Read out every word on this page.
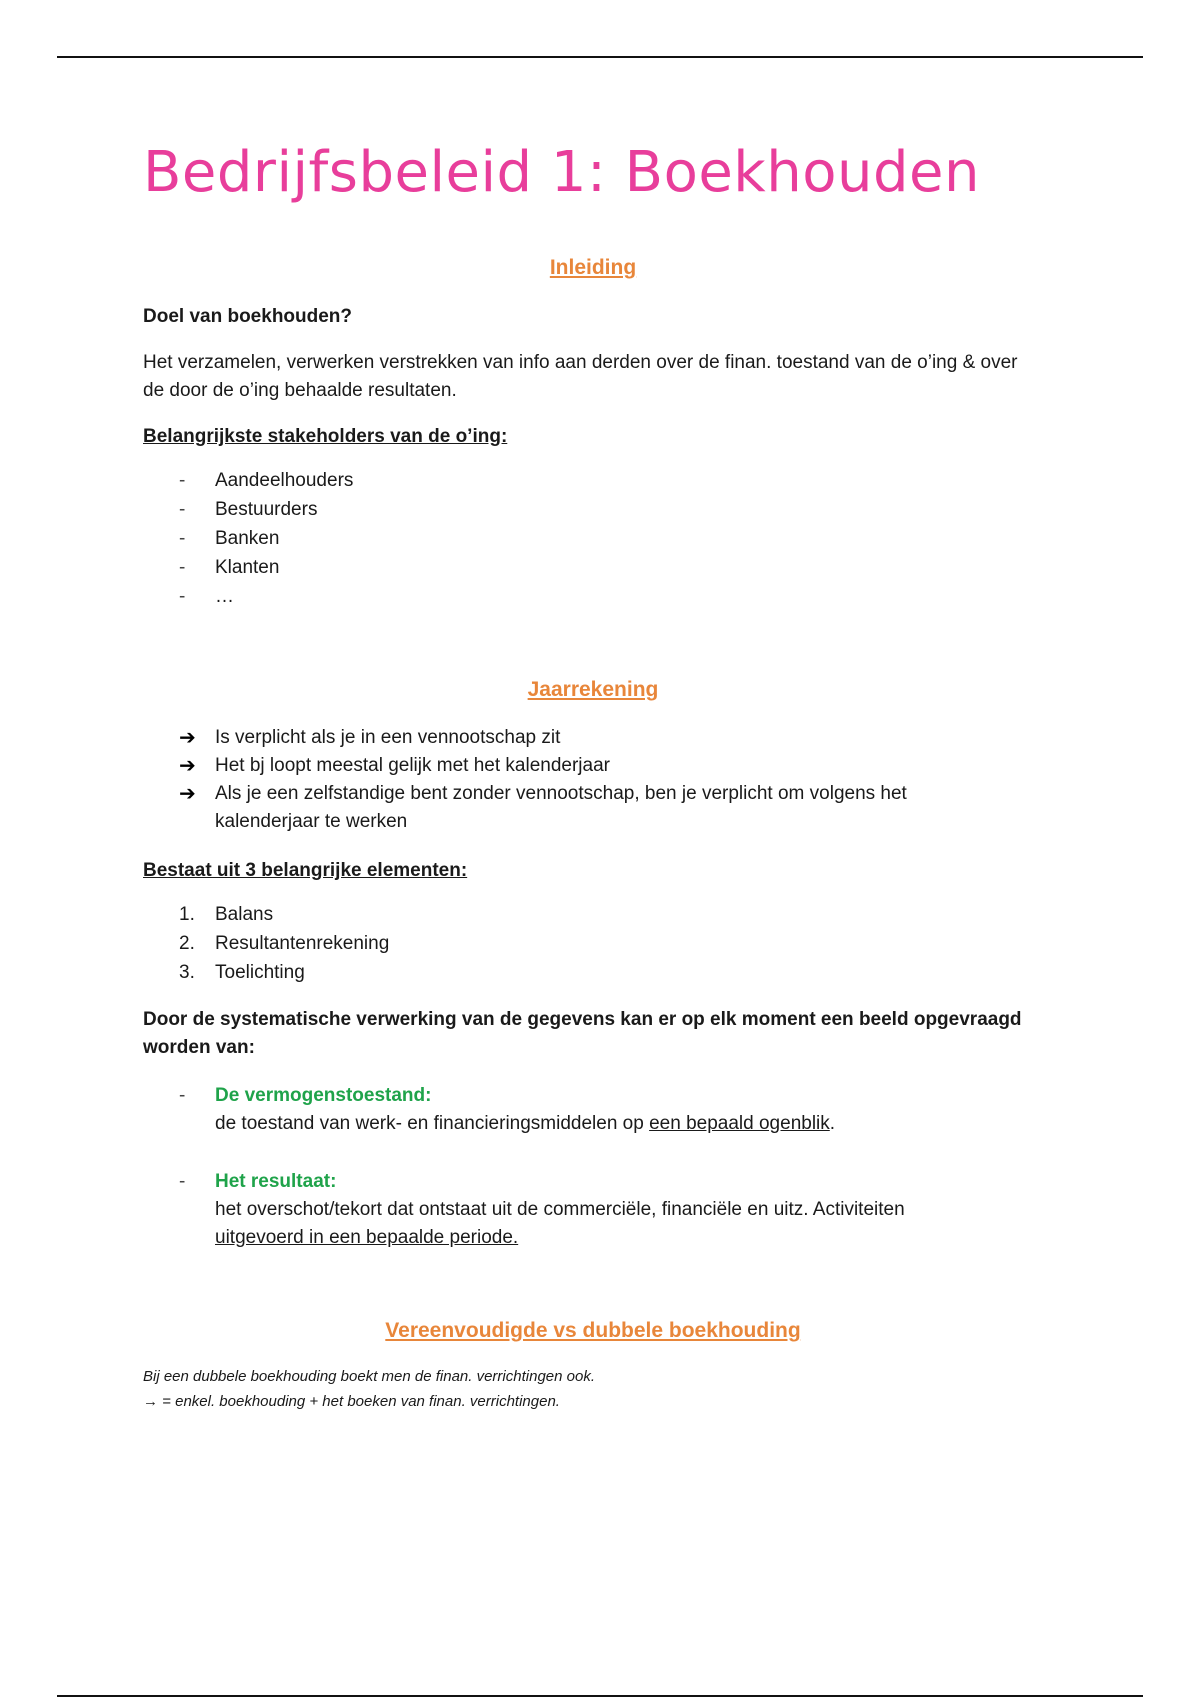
Bedrijfsbeleid 1: Boekhouden
Inleiding
Doel van boekhouden?
Het verzamelen, verwerken verstrekken van info aan derden over de finan. toestand van de o’ing & over de door de o’ing behaalde resultaten.
Belangrijkste stakeholders van de o’ing:
- Aandeelhouders
- Bestuurders
- Banken
- Klanten
- …
Jaarrekening
➔ Is verplicht als je in een vennootschap zit
➔ Het bj loopt meestal gelijk met het kalenderjaar
➔ Als je een zelfstandige bent zonder vennootschap, ben je verplicht om volgens het kalenderjaar te werken
Bestaat uit 3 belangrijke elementen:
1. Balans
2. Resultantenrekening
3. Toelichting
Door de systematische verwerking van de gegevens kan er op elk moment een beeld opgevraagd worden van:
- De vermogenstoestand:
de toestand van werk- en financieringsmiddelen op een bepaald ogenblik.
- Het resultaat:
het overschot/tekort dat ontstaat uit de commerciële, financiële en uitz. Activiteiten uitgevoerd in een bepaalde periode.
Vereenvoudigde vs dubbele boekhouding
Bij een dubbele boekhouding boekt men de finan. verrichtingen ook.
→ = enkel. boekhouding + het boeken van finan. verrichtingen.
